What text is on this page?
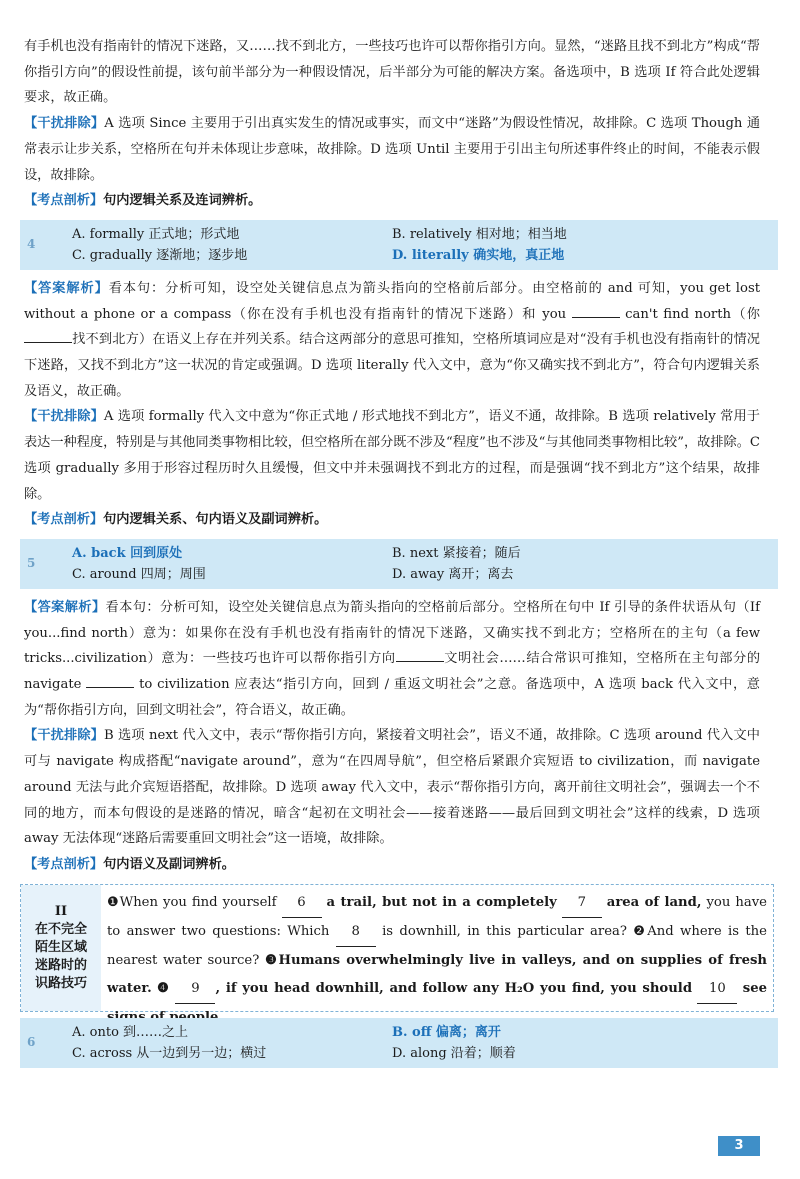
有手机也没有指南针的情况下迷路，又……找不到北方，一些技巧也许可以帮你指引方向。显然，“迷路且找不到北方”构成“帮你指引方向”的假设性前提，该句前半部分为一种假设情况，后半部分为可能的解决方案。备选项中，B 选项 If 符合此处逻辑要求，故正确。

【干扰排除】A 选项 Since 主要用于引出真实发生的情况或事实，而文中“迷路”为假设性情况，故排除。C 选项 Though 通常表示让步关系，空格所在句并未体现让步意味，故排除。D 选项 Until 主要用于引出主句所述事件终止的时间，不能表示假设，故排除。

【考点剖析】句内逻辑关系及连词辨析。

4
A. formally 正式地；形式地	B. relatively 相对地；相当地
C. gradually 逐渐地；逐步地	D. literally 确实地，真正地

【答案解析】看本句：分析可知，设空处关键信息点为箭头指向的空格前后部分。由空格前的 and 可知，you get lost without a phone or a compass（你在没有手机也没有指南针的情况下迷路）和 you	can't find north（你找不到北方）在语义上存在并列关系。结合这两部分的意思可推知，空格所填词应是对“没有手机也没有指南针的情况下迷路，又找不到北方”这一状况的肯定或强调。D 选项 literally 代入文中，意为“你又确实找不到北方”，符合句内逻辑关系及语义，故正确。

【干扰排除】A 选项 formally 代入文中意为“你正式地 / 形式地找不到北方”，语义不通，故排除。B 选项 relatively 常用于表达一种程度，特别是与其他同类事物相比较，但空格所在部分既不涉及“程度”也不涉及“与其他同类事物相比较”，故排除。C 选项 gradually 多用于形容过程历时久且缓慢，但文中并未强调找不到北方的过程，而是强调“找不到北方”这个结果，故排除。

【考点剖析】句内逻辑关系、句内语义及副词辨析。

5
A. back 回到原处	B. next 紧接着；随后
C. around 四周；周围	D. away 离开；离去

【答案解析】看本句：分析可知，设空处关键信息点为箭头指向的空格前后部分。空格所在句中 If 引导的条件状语从句（If you...find north）意为：如果你在没有手机也没有指南针的情况下迷路，又确实找不到北方；空格所在的主句（a few tricks...civilization）意为：一些技巧也许可以帮你指引方向	文明社会……结合常识可推知，空格所在主句部分的 navigate	to civilization 应表达“指引方向，回到 / 重返文明社会”之意。备选项中，A 选项 back 代入文中，意为“帮你指引方向，回到文明社会”，符合语义，故正确。

【干扰排除】B 选项 next 代入文中，表示“帮你指引方向，紧接着文明社会”，语义不通，故排除。C 选项 around 代入文中可与 navigate 构成搭配“navigate around”，意为“在四周导航”，但空格后紧跟介宾短语 to civilization，而 navigate around 无法与此介宾短语搭配，故排除。D 选项 away 代入文中，表示“帮你指引方向，离开前往文明社会”，强调去一个不同的地方，而本句假设的是迷路的情况，暗含“起初在文明社会——接着迷路——最后回到文明社会”这样的线索，D 选项 away 无法体现“迷路后需要重回文明社会”这一语境，故排除。

【考点剖析】句内语义及副词辨析。

II
在不完全
陌生区域
迷路时的
识路技巧
❶When you find yourself 6 a trail, but not in a completely 7 area of land, you have to answer two questions: Which 8 is downhill, in this particular area? ❷And where is the nearest water source? ❸Humans overwhelmingly live in valleys, and on supplies of fresh water. ❹ 9 , if you head downhill, and follow any H₂O you find, you should 10 see
6
A. onto 到……之上	B. off 偏离；离开
C. across 从一边到另一边；横过	D. along 沿着；顺着
3
